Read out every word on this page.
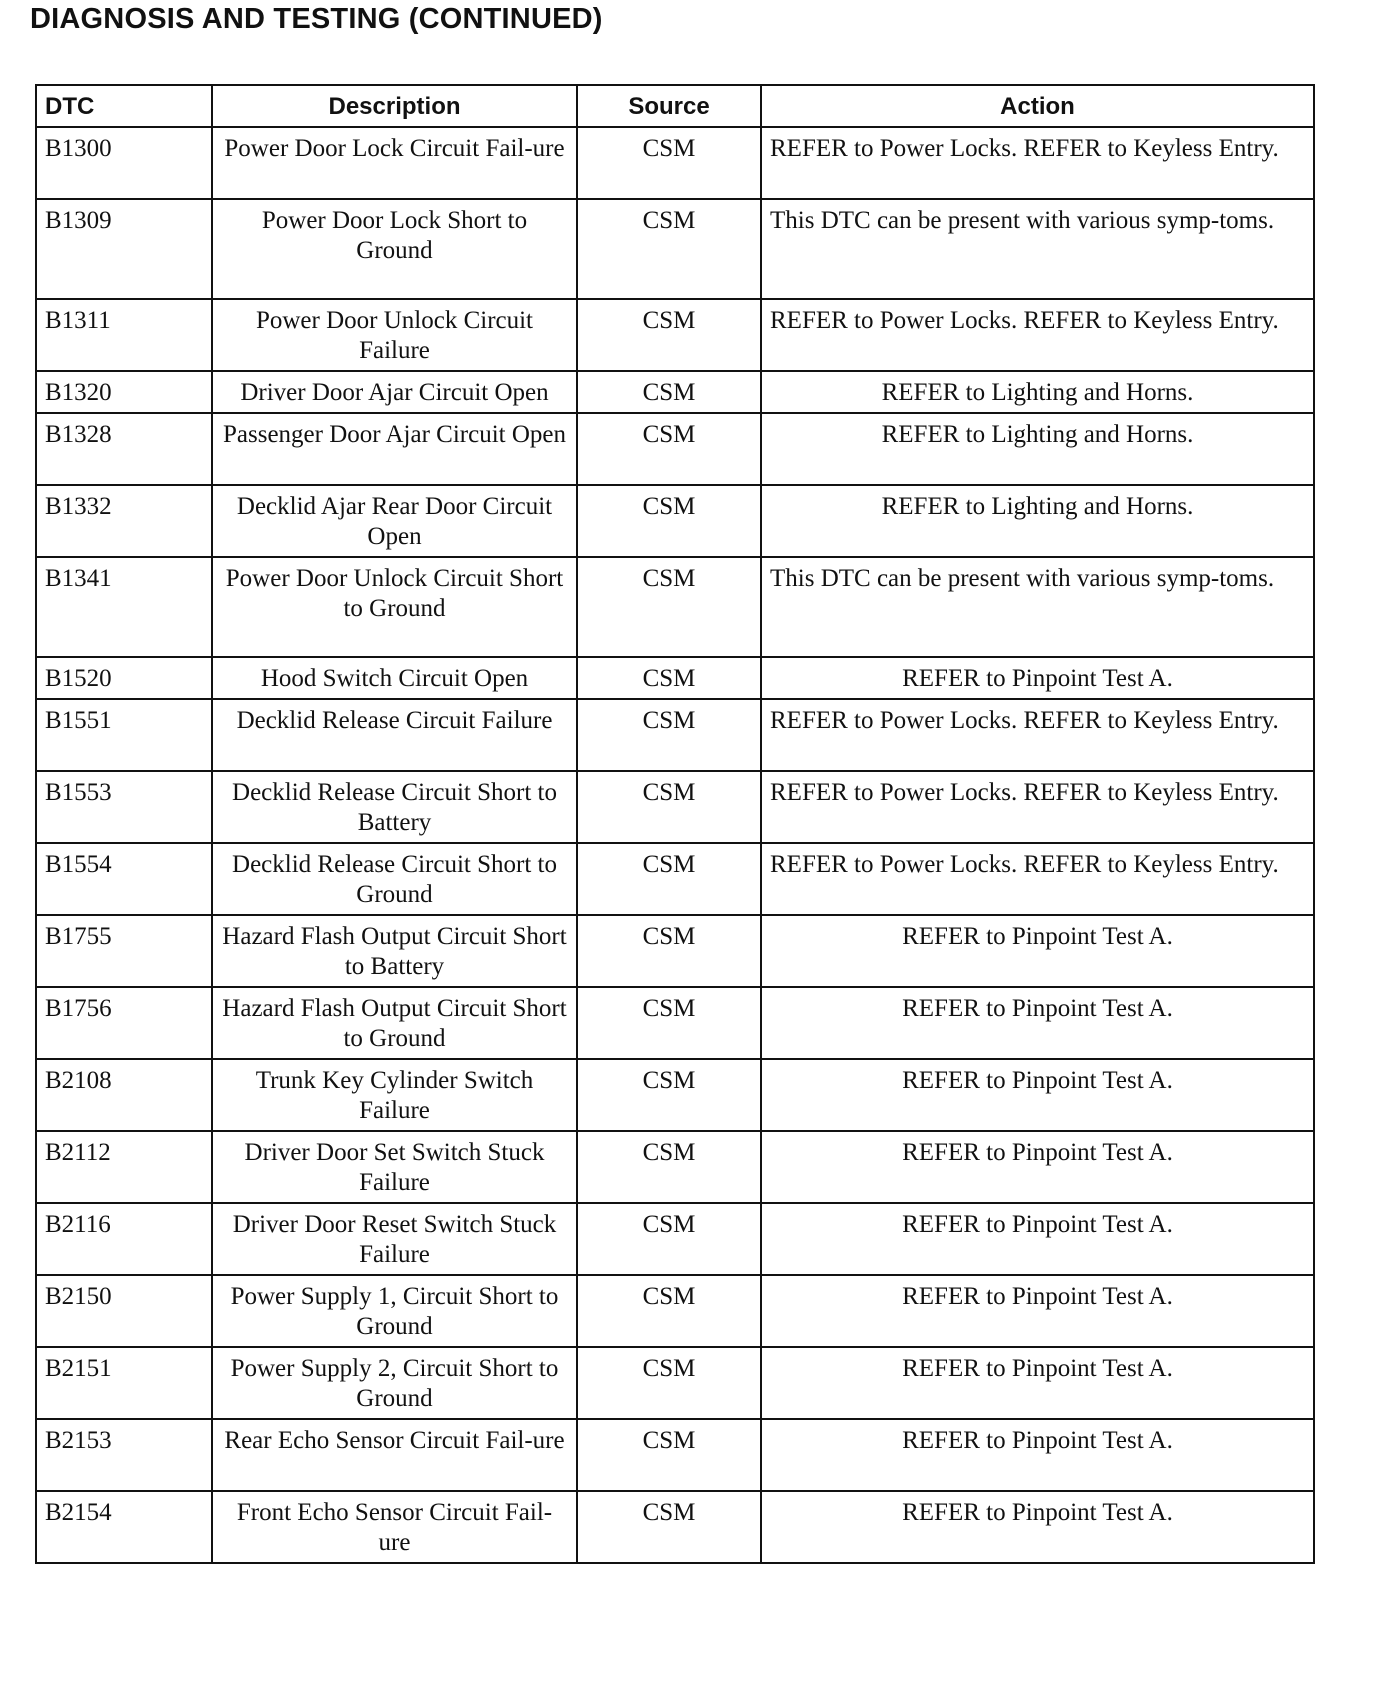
DIAGNOSIS AND TESTING (CONTINUED)
DTC	Description	Source	Action
B1300	Power Door Lock Circuit Fail-ure	CSM	REFER to Power Locks. REFER to Keyless Entry.
B1309	Power Door Lock Short to Ground	CSM	This DTC can be present with various symp-toms.
B1311	Power Door Unlock Circuit Failure	CSM	REFER to Power Locks. REFER to Keyless Entry.
B1320	Driver Door Ajar Circuit Open	CSM	REFER to Lighting and Horns.
B1328	Passenger Door Ajar Circuit Open	CSM	REFER to Lighting and Horns.
B1332	Decklid Ajar Rear Door Circuit Open	CSM	REFER to Lighting and Horns.
B1341	Power Door Unlock Circuit Short to Ground	CSM	This DTC can be present with various symp-toms.
B1520	Hood Switch Circuit Open	CSM	REFER to Pinpoint Test A.
B1551	Decklid Release Circuit Failure	CSM	REFER to Power Locks. REFER to Keyless Entry.
B1553	Decklid Release Circuit Short to Battery	CSM	REFER to Power Locks. REFER to Keyless Entry.
B1554	Decklid Release Circuit Short to Ground	CSM	REFER to Power Locks. REFER to Keyless Entry.
B1755	Hazard Flash Output Circuit Short to Battery	CSM	REFER to Pinpoint Test A.
B1756	Hazard Flash Output Circuit Short to Ground	CSM	REFER to Pinpoint Test A.
B2108	Trunk Key Cylinder Switch Failure	CSM	REFER to Pinpoint Test A.
B2112	Driver Door Set Switch Stuck Failure	CSM	REFER to Pinpoint Test A.
B2116	Driver Door Reset Switch Stuck Failure	CSM	REFER to Pinpoint Test A.
B2150	Power Supply 1, Circuit Short to Ground	CSM	REFER to Pinpoint Test A.
B2151	Power Supply 2, Circuit Short to Ground	CSM	REFER to Pinpoint Test A.
B2153	Rear Echo Sensor Circuit Fail-ure	CSM	REFER to Pinpoint Test A.
B2154	Front Echo Sensor Circuit Fail-ure	CSM	REFER to Pinpoint Test A.
